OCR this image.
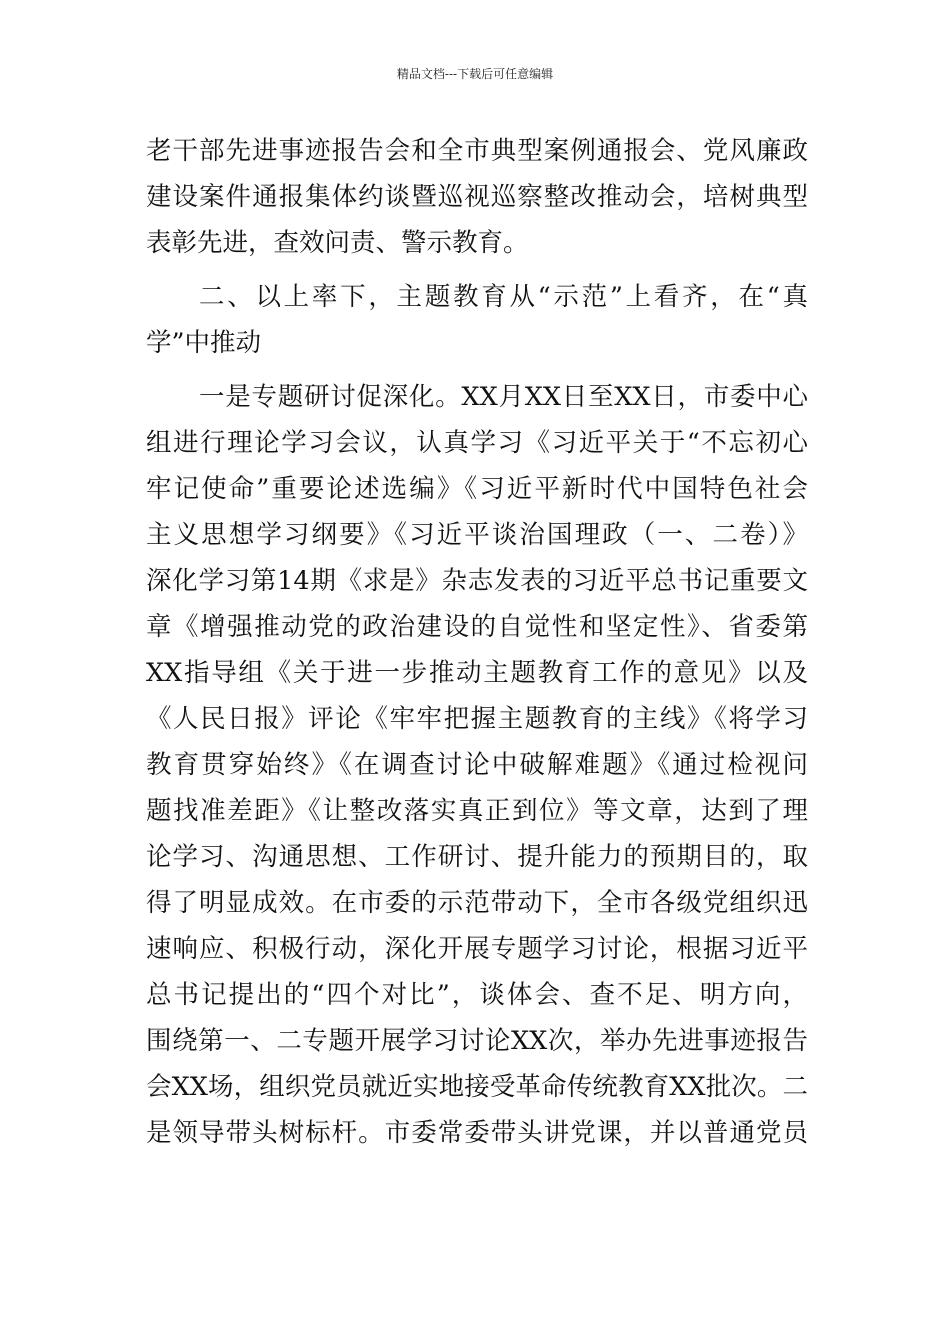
精品文档---下载后可任意编辑
老干部先进事迹报告会和全市典型案例通报会、党风廉政
建设案件通报集体约谈暨巡视巡察整改推动会，培树典型
表彰先进，查效问责、警示教育。
二、以上率下，主题教育从“示范”上看齐，在“真
学”中推动
一是专题研讨促深化。XX月XX日至XX日，市委中心
组进行理论学习会议，认真学习《习近平关于“不忘初心
牢记使命”重要论述选编》《习近平新时代中国特色社会
主义思想学习纲要》《习近平谈治国理政（一、二卷）》
深化学习第14期《求是》杂志发表的习近平总书记重要文
章《增强推动党的政治建设的自觉性和坚定性》、省委第
XX指导组《关于进一步推动主题教育工作的意见》以及
《人民日报》评论《牢牢把握主题教育的主线》《将学习
教育贯穿始终》《在调查讨论中破解难题》《通过检视问
题找准差距》《让整改落实真正到位》等文章，达到了理
论学习、沟通思想、工作研讨、提升能力的预期目的，取
得了明显成效。在市委的示范带动下，全市各级党组织迅
速响应、积极行动，深化开展专题学习讨论，根据习近平
总书记提出的“四个对比”，谈体会、查不足、明方向，
围绕第一、二专题开展学习讨论XX次，举办先进事迹报告
会XX场，组织党员就近实地接受革命传统教育XX批次。二
是领导带头树标杆。市委常委带头讲党课，并以普通党员
